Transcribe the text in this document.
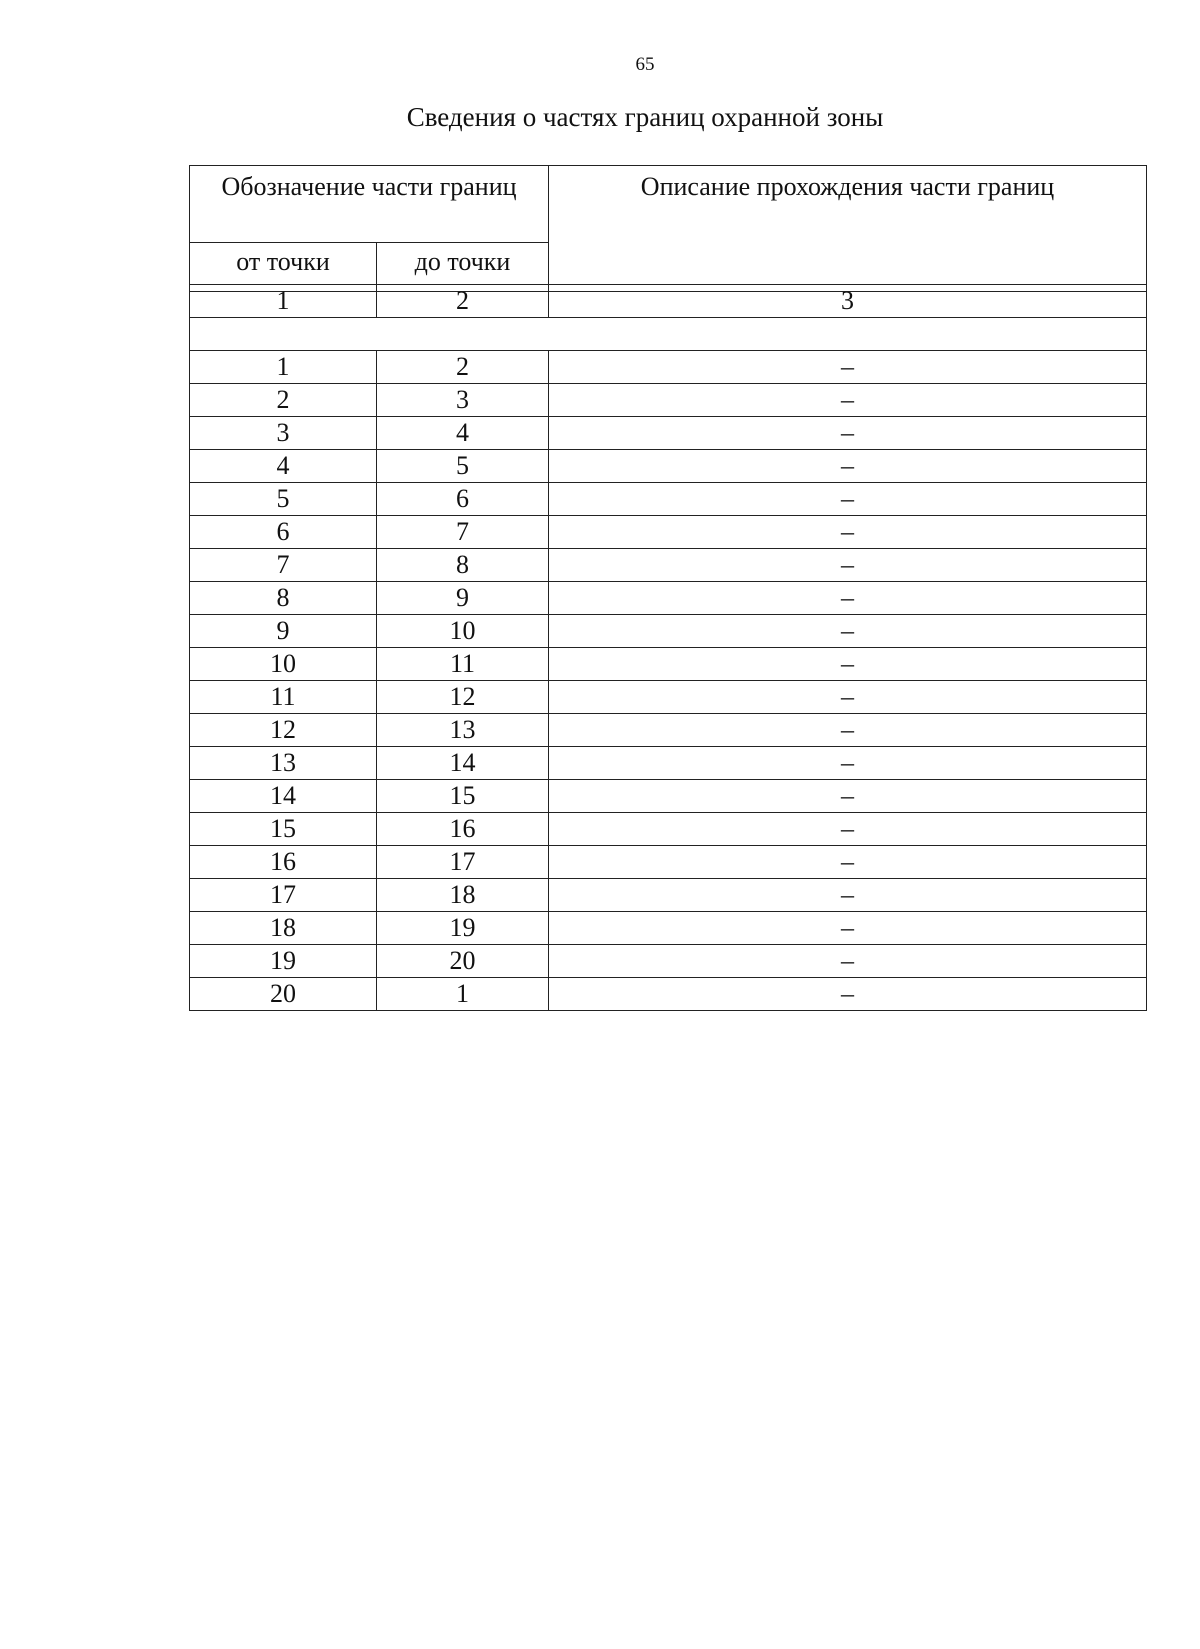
65
Сведения о частях границ охранной зоны
Обозначение части границ		Описание прохождения части границ
от точки	до точки	
1	2	3

1	2	–
2	3	–
3	4	–
4	5	–
5	6	–
6	7	–
7	8	–
8	9	–
9	10	–
10	11	–
11	12	–
12	13	–
13	14	–
14	15	–
15	16	–
16	17	–
17	18	–
18	19	–
19	20	–
20	1	–
